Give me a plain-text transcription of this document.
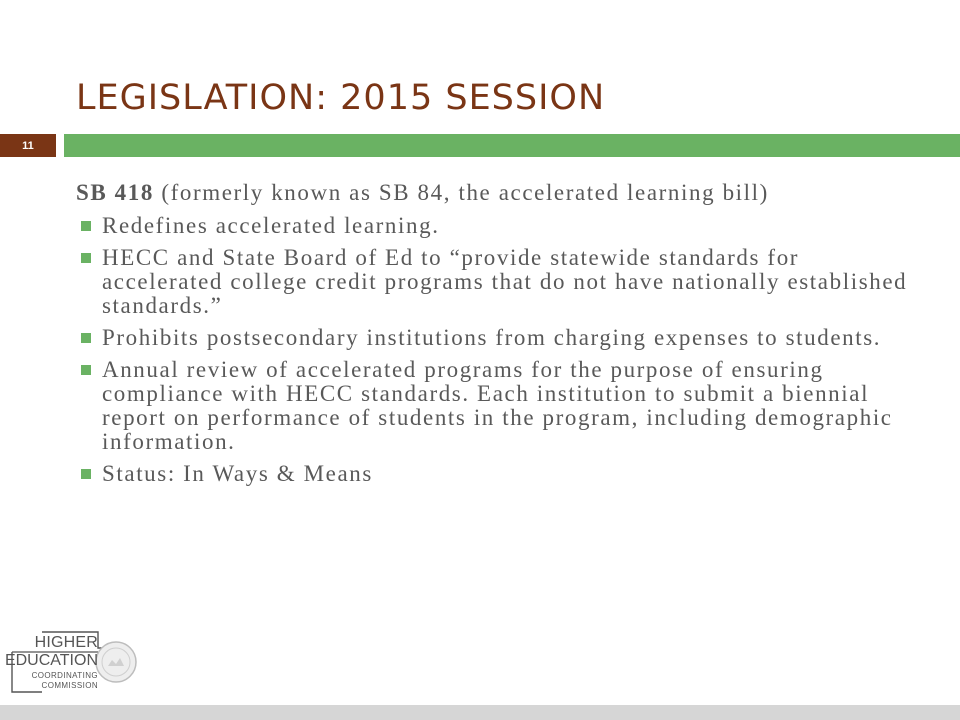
LEGISLATION: 2015 SESSION
11

SB 418 (formerly known as SB 84, the accelerated learning bill)

Redefines accelerated learning.
HECC and State Board of Ed to “provide statewide standards for accelerated college credit programs that do not have nationally established standards.”
Prohibits postsecondary institutions from charging expenses to students.
Annual review of accelerated programs for the purpose of ensuring compliance with HECC standards. Each institution to submit a biennial report on performance of students in the program, including demographic information.
Status: In Ways & Means
HIGHER
EDUCATION
COORDINATING
COMMISSION
